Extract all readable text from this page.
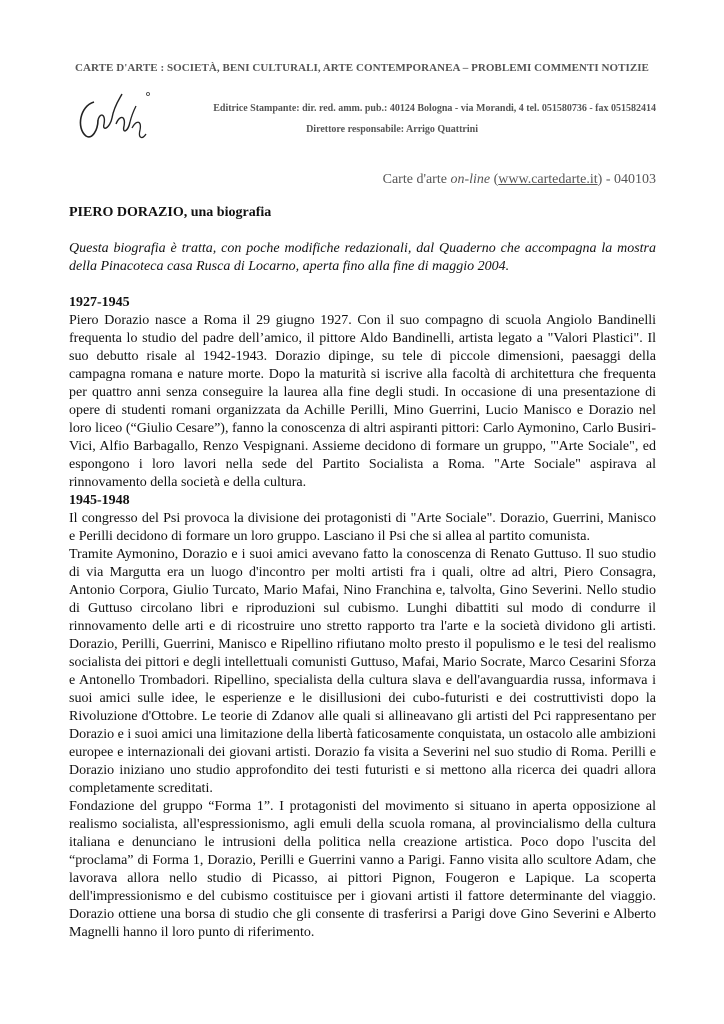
CARTE D'ARTE : SOCIETÀ, BENI CULTURALI, ARTE CONTEMPORANEA – PROBLEMI COMMENTI NOTIZIE
Editrice Stampante: dir. red. amm. pub.: 40124 Bologna - via Morandi, 4 tel. 051580736 - fax 051582414
Direttore responsabile: Arrigo Quattrini
Carte d'arte on-line (www.cartedarte.it) - 040103

PIERO DORAZIO, una biografia

Questa biografia è tratta, con poche modifiche redazionali, dal Quaderno che accompagna la mostra della Pinacoteca casa Rusca di Locarno, aperta fino alla fine di maggio 2004.

1927-1945

Piero Dorazio nasce a Roma il 29 giugno 1927. Con il suo compagno di scuola Angiolo Bandinelli frequenta lo studio del padre dell’amico, il pittore Aldo Bandinelli, artista legato a "Valori Plastici". Il suo debutto risale al 1942-1943. Dorazio dipinge, su tele di piccole dimensioni, paesaggi della campagna romana e nature morte. Dopo la maturità si iscrive alla facoltà di architettura che frequenta per quattro anni senza conseguire la laurea alla fine degli studi. In occasione di una presentazione di opere di studenti romani organizzata da Achille Perilli, Mino Guerrini, Lucio Manisco e Dorazio nel loro liceo (“Giulio Cesare”), fanno la conoscenza di altri aspiranti pittori: Carlo Aymonino, Carlo Busiri-Vici, Alfio Barbagallo, Renzo Vespignani. Assieme decidono di formare un gruppo, "'Arte Sociale", ed espongono i loro lavori nella sede del Partito Socialista a Roma. "Arte Sociale" aspirava al rinnovamento della società e della cultura.

1945-1948

Il congresso del Psi provoca la divisione dei protagonisti di "Arte Sociale". Dorazio, Guerrini, Manisco e Perilli decidono di formare un loro gruppo. Lasciano il Psi che si allea al partito comunista.

Tramite Aymonino, Dorazio e i suoi amici avevano fatto la conoscenza di Renato Guttuso. Il suo studio di via Margutta era un luogo d'incontro per molti artisti fra i quali, oltre ad altri, Piero Consagra, Antonio Corpora, Giulio Turcato, Mario Mafai, Nino Franchina e, talvolta, Gino Severini. Nello studio di Guttuso circolano libri e riproduzioni sul cubismo. Lunghi dibattiti sul modo di condurre il rinnovamento delle arti e di ricostruire uno stretto rapporto tra l'arte e la società dividono gli artisti. Dorazio, Perilli, Guerrini, Manisco e Ripellino rifiutano molto presto il populismo e le tesi del realismo socialista dei pittori e degli intellettuali comunisti Guttuso, Mafai, Mario Socrate, Marco Cesarini Sforza e Antonello Trombadori. Ripellino, specialista della cultura slava e dell'avanguardia russa, informava i suoi amici sulle idee, le esperienze e le disillusioni dei cubo-futuristi e dei costruttivisti dopo la Rivoluzione d'Ottobre. Le teorie di Zdanov alle quali si allineavano gli artisti del Pci rappresentano per Dorazio e i suoi amici una limitazione della libertà faticosamente conquistata, un ostacolo alle ambizioni europee e internazionali dei giovani artisti. Dorazio fa visita a Severini nel suo studio di Roma. Perilli e Dorazio iniziano uno studio approfondito dei testi futuristi e si mettono alla ricerca dei quadri allora completamente screditati.

Fondazione del gruppo “Forma 1”. I protagonisti del movimento si situano in aperta opposizione al realismo socialista, all'espressionismo, agli emuli della scuola romana, al provincialismo della cultura italiana e denunciano le intrusioni della politica nella creazione artistica. Poco dopo l'uscita del “proclama” di Forma 1, Dorazio, Perilli e Guerrini vanno a Parigi. Fanno visita allo scultore Adam, che lavorava allora nello studio di Picasso, ai pittori Pignon, Fougeron e Lapique. La scoperta dell'impressionismo e del cubismo costituisce per i giovani artisti il fattore determinante del viaggio. Dorazio ottiene una borsa di studio che gli consente di trasferirsi a Parigi dove Gino Severini e Alberto Magnelli hanno il loro punto di riferimento.
